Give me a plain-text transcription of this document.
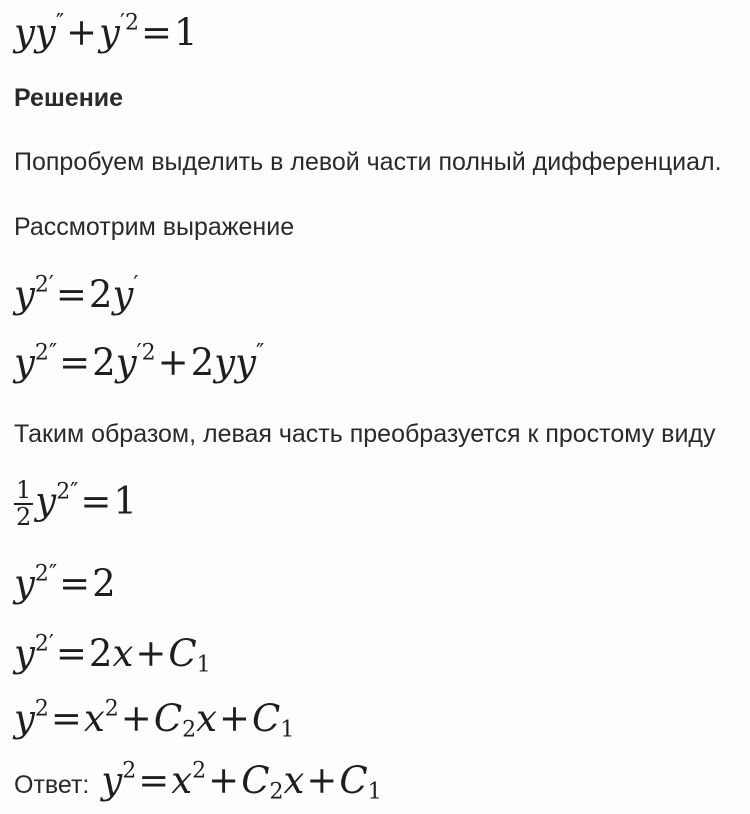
$yy''+y^{'2}=1$
Решение
Попробуем выделить в левой части полный дифференциал.
Рассмотрим выражение
$y^{2'}=2y'$
$y^{2''}=2y^{'2}+2yy''$
Таким образом, левая часть преобразуется к простому виду
$\frac{1}{2} y^{2''}=1$
$y^{2''}=2$
$y^{2'}=2x+C_1$
$y^2=x^2+C_2x+C_1$
Ответ: $y^2=x^2+C_2x+C_1$
